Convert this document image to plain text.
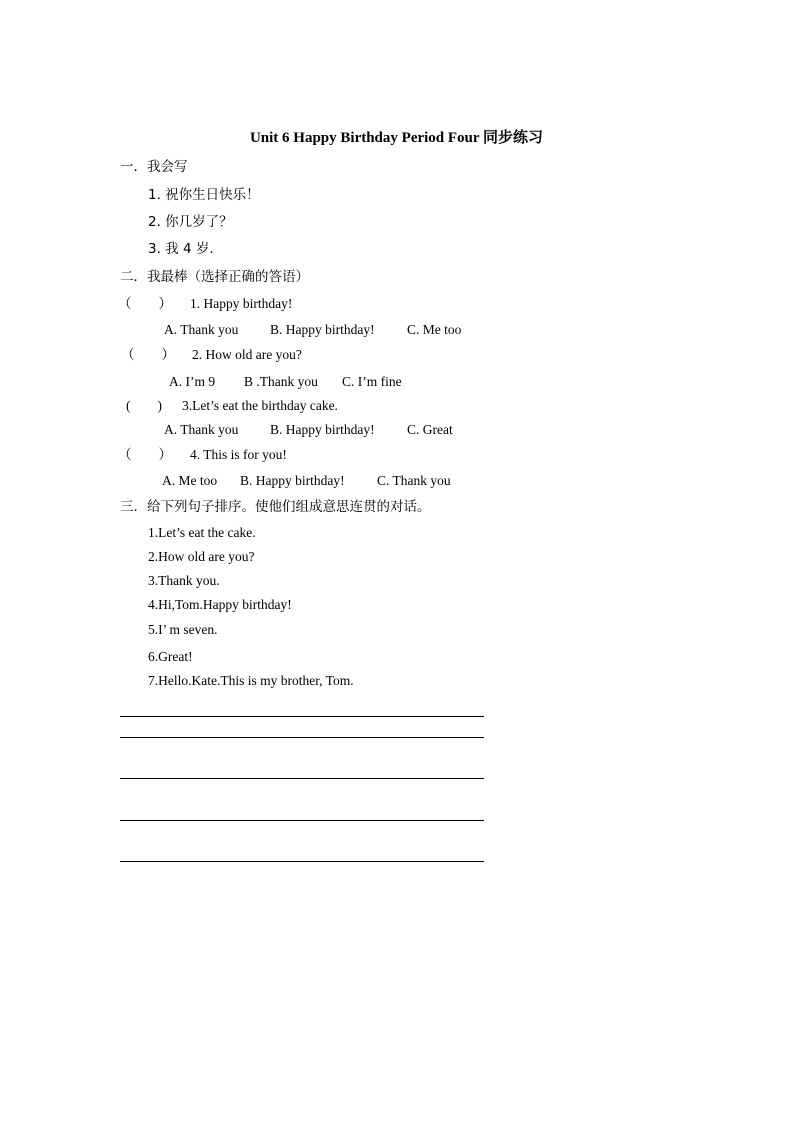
Unit 6 Happy Birthday Period Four 同步练习
一．我会写
1. 祝你生日快乐！
2. 你几岁了？
3. 我 4 岁.
二．我最棒（选择正确的答语）
（　　） 1. Happy birthday!
A. Thank you B. Happy birthday! C. Me too
（　　） 2. How old are you?
A. I’m 9 B .Thank you C. I’m fine
(　　) 3.Let’s eat the birthday cake.
A. Thank you B. Happy birthday! C. Great
（　　） 4. This is for you!
A. Me too B. Happy birthday! C. Thank you
三．给下列句子排序。使他们组成意思连贯的对话。
1.Let’s eat the cake.
2.How old are you?
3.Thank you.
4.Hi,Tom.Happy birthday!
5.I’ m seven.
6.Great!
7.Hello.Kate.This is my brother, Tom.
